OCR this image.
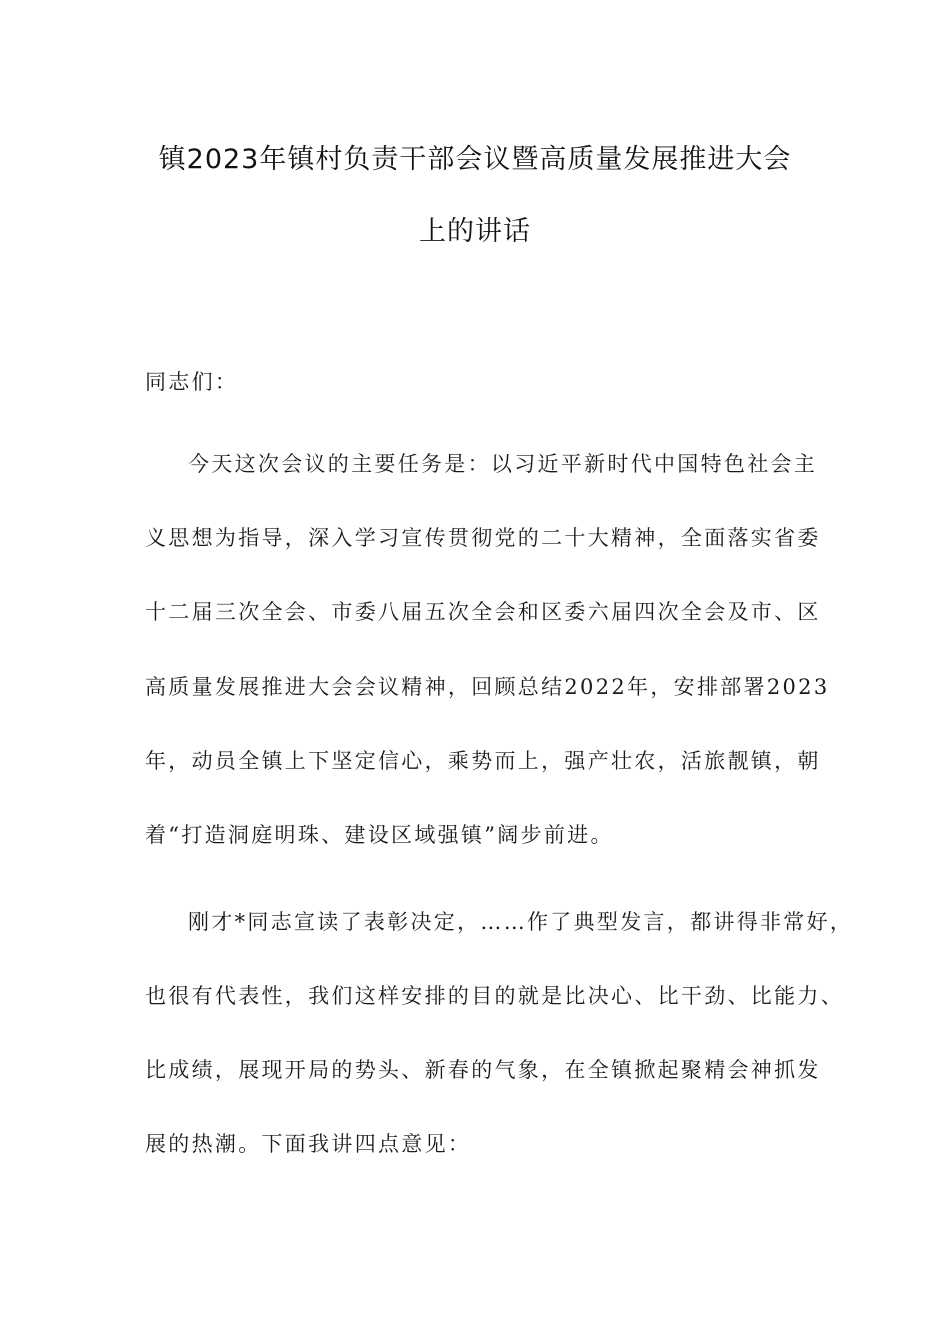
镇2023年镇村负责干部会议暨高质量发展推进大会
上的讲话
同志们：
今天这次会议的主要任务是：以习近平新时代中国特色社会主
义思想为指导，深入学习宣传贯彻党的二十大精神，全面落实省委
十二届三次全会、市委八届五次全会和区委六届四次全会及市、区
高质量发展推进大会会议精神，回顾总结2022年，安排部署2023
年，动员全镇上下坚定信心，乘势而上，强产壮农，活旅靓镇，朝
着“打造洞庭明珠、建设区域强镇”阔步前进。
刚才*同志宣读了表彰决定，……作了典型发言，都讲得非常好，
也很有代表性，我们这样安排的目的就是比决心、比干劲、比能力、
比成绩，展现开局的势头、新春的气象，在全镇掀起聚精会神抓发
展的热潮。下面我讲四点意见：
